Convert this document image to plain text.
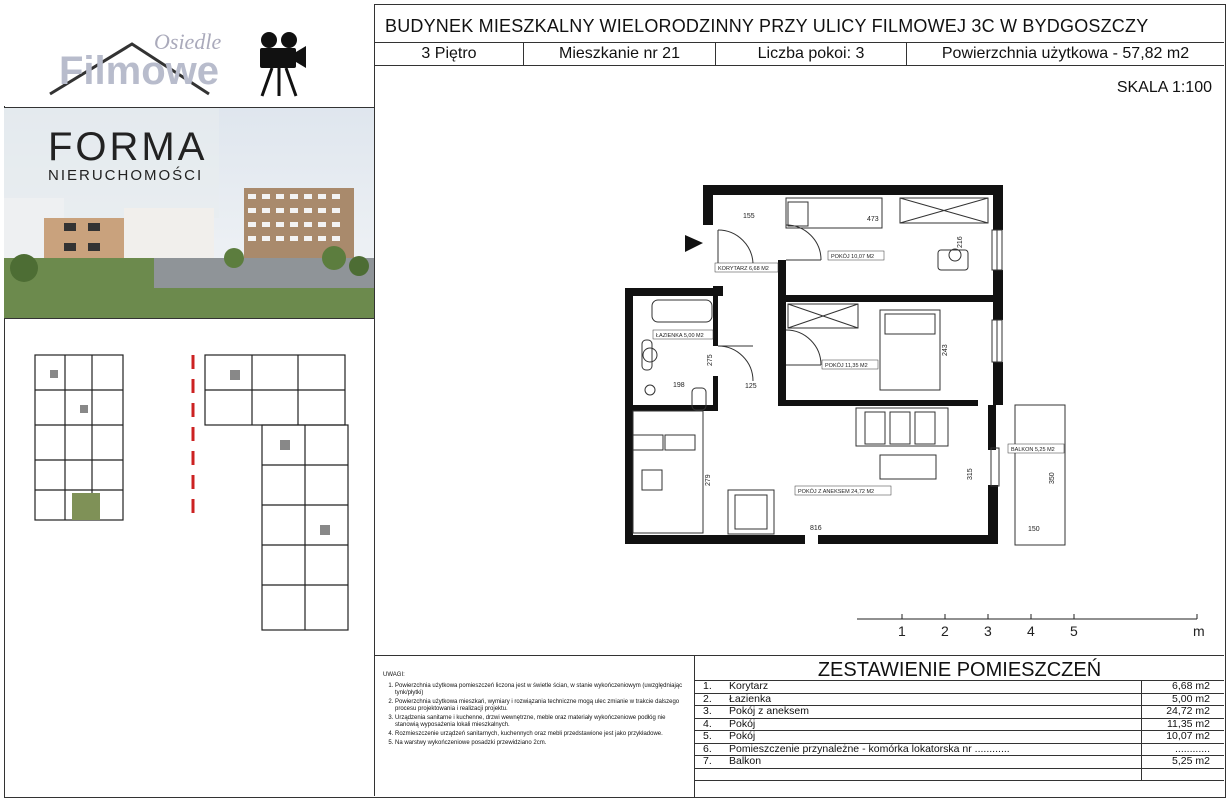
Osiedle
Filmowe
FORMA
NIERUCHOMOŚCI
BUDYNEK MIESZKALNY WIELORODZINNY PRZY ULICY FILMOWEJ 3C W BYDGOSZCZY
3 Piętro	Mieszkanie nr 21	Liczba pokoi: 3	Powierzchnia użytkowa - 57,82 m2
SKALA 1:100
KORYTARZ 6,68 M2
POKÓJ 10,07 M2
ŁAZIENKA 5,00 M2
POKÓJ 11,35 M2
POKÓJ Z ANEKSEM 24,72 M2
BALKON 5,25 M2
155	473
216
275
198	125
243
279
816
315	350
150
1	2	3	4	5	m
UWAGI:
1. Powierzchnia użytkowa pomieszczeń liczona jest w świetle ścian, w stanie wykończeniowym (uwzględniając tynk/płytki)
2. Powierzchnia użytkowa mieszkań, wymiary i rozwiązania techniczne mogą ulec zmianie w trakcie dalszego procesu projektowania i realizacji projektu.
3. Urządzenia sanitarne i kuchenne, drzwi wewnętrzne, meble oraz materiały wykończeniowe podłóg nie stanowią wyposażenia lokali mieszkalnych.
4. Rozmieszczenie urządzeń sanitarnych, kuchennych oraz mebli przedstawione jest jako przykładowe.
5. Na warstwy wykończeniowe posadzki przewidziano 2cm.
ZESTAWIENIE POMIESZCZEŃ
1.	Korytarz	6,68 m2
2.	Łazienka	5,00 m2
3.	Pokój z aneksem	24,72 m2
4.	Pokój	11,35 m2
5.	Pokój	10,07 m2
6.	Pomieszczenie przynależne - komórka lokatorska nr ............	............
7.	Balkon	5,25 m2
